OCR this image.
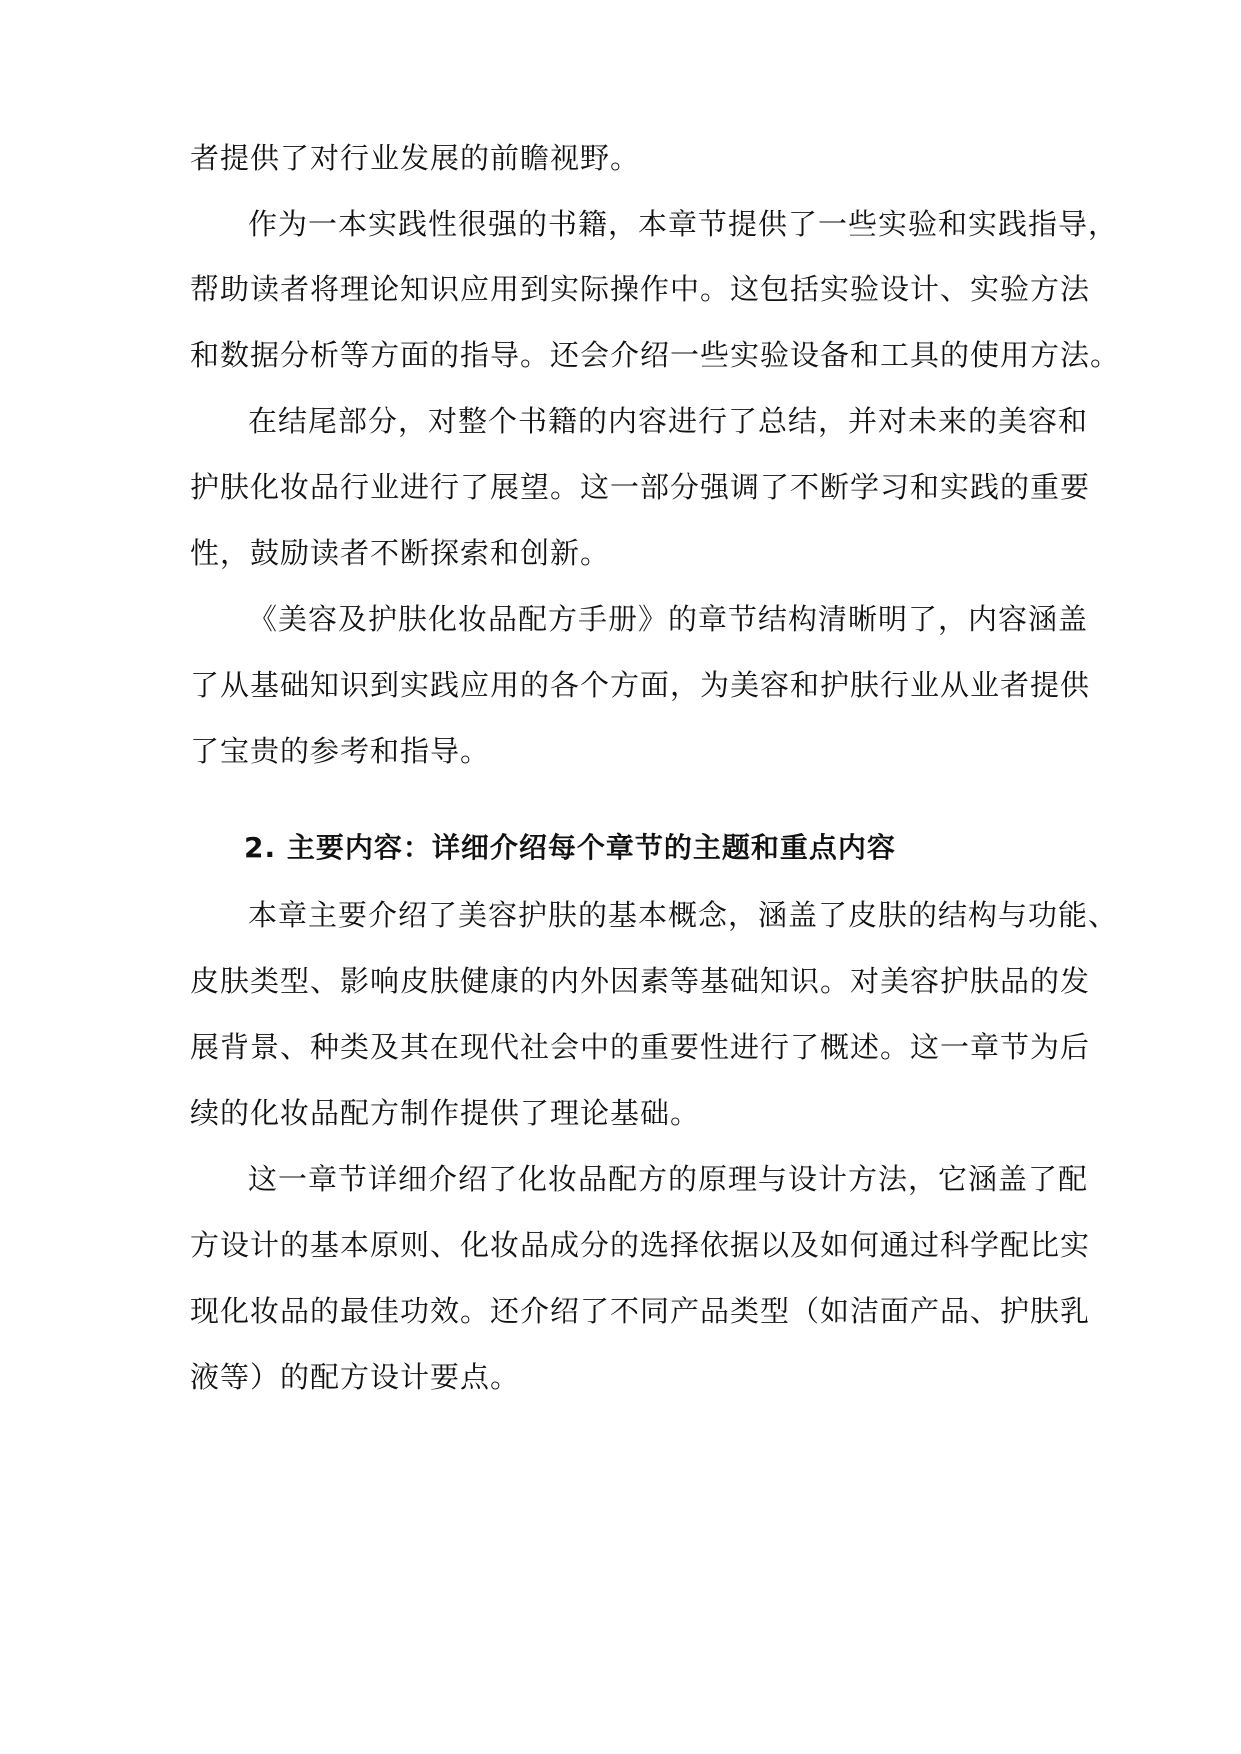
者提供了对行业发展的前瞻视野。
作为一本实践性很强的书籍，本章节提供了一些实验和实践指导，
帮助读者将理论知识应用到实际操作中。这包括实验设计、实验方法
和数据分析等方面的指导。还会介绍一些实验设备和工具的使用方法。
在结尾部分，对整个书籍的内容进行了总结，并对未来的美容和
护肤化妆品行业进行了展望。这一部分强调了不断学习和实践的重要
性，鼓励读者不断探索和创新。
《美容及护肤化妆品配方手册》的章节结构清晰明了，内容涵盖
了从基础知识到实践应用的各个方面，为美容和护肤行业从业者提供
了宝贵的参考和指导。
2. 主要内容：详细介绍每个章节的主题和重点内容
本章主要介绍了美容护肤的基本概念，涵盖了皮肤的结构与功能、
皮肤类型、影响皮肤健康的内外因素等基础知识。对美容护肤品的发
展背景、种类及其在现代社会中的重要性进行了概述。这一章节为后
续的化妆品配方制作提供了理论基础。
这一章节详细介绍了化妆品配方的原理与设计方法，它涵盖了配
方设计的基本原则、化妆品成分的选择依据以及如何通过科学配比实
现化妆品的最佳功效。还介绍了不同产品类型（如洁面产品、护肤乳
液等）的配方设计要点。
